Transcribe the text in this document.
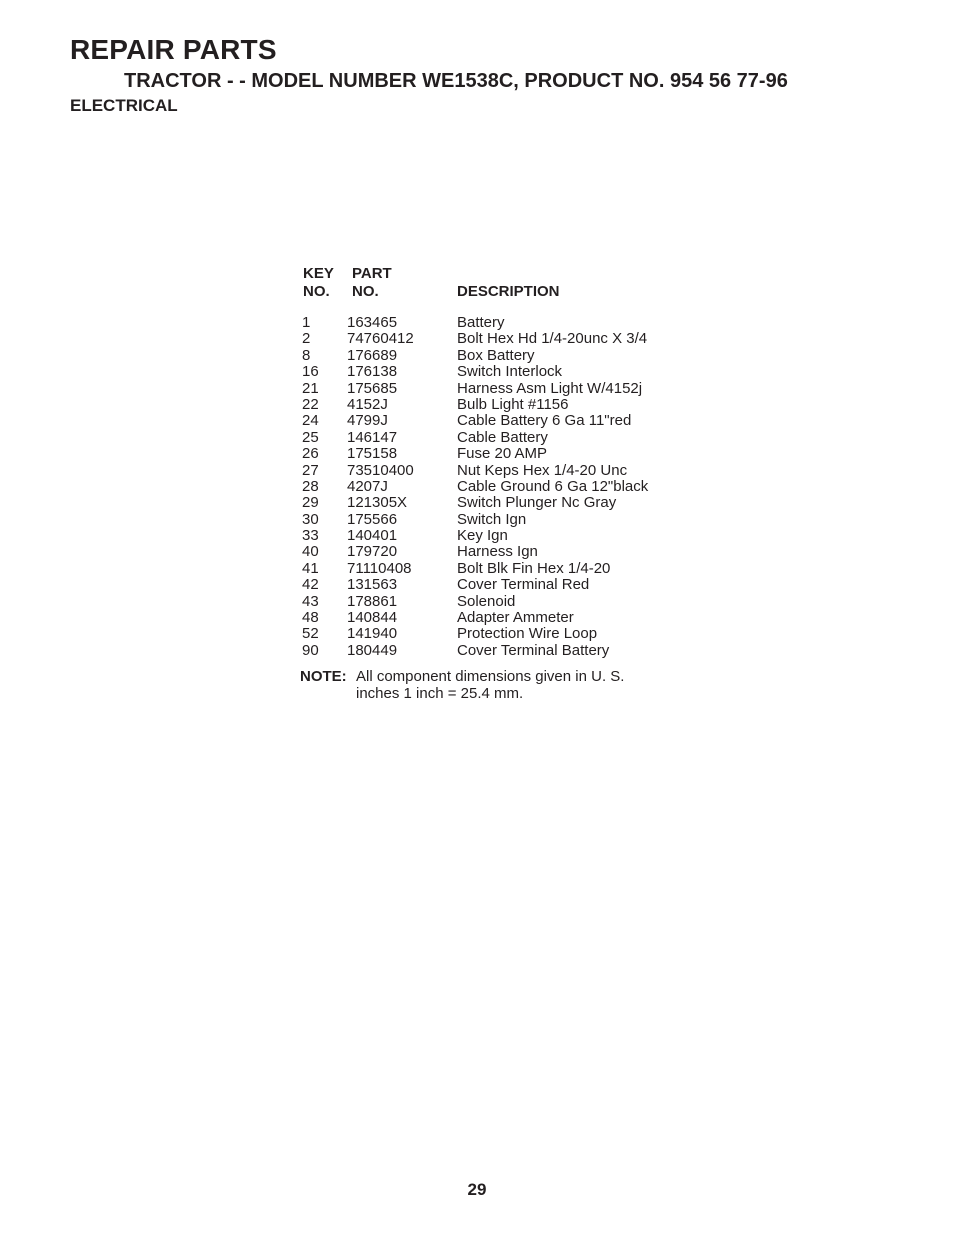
REPAIR PARTS
TRACTOR - - MODEL NUMBER WE1538C, PRODUCT NO. 954 56 77-96
ELECTRICAL
KEY
NO.
PART
NO.	DESCRIPTION
1 163465	Battery
2 74760412	Bolt Hex Hd 1/4-20unc X 3/4
8 176689	Box Battery
16 176138	Switch Interlock
21 175685	Harness Asm Light W/4152j
22 4152J	Bulb Light #1156
24 4799J	Cable Battery 6 Ga 11"red
25 146147	Cable Battery
26 175158	Fuse 20 AMP
27 73510400	Nut Keps Hex 1/4-20 Unc
28 4207J	Cable Ground 6 Ga 12"black
29 121305X	Switch Plunger Nc Gray
30 175566	Switch Ign
33 140401	Key Ign
40 179720	Harness Ign
41 71110408	Bolt Blk Fin Hex 1/4-20
42 131563	Cover Terminal Red
43 178861	Solenoid
48 140844	Adapter Ammeter
52 141940	Protection Wire Loop
90 180449	Cover Terminal Battery
NOTE: All component dimensions given in U. S.
inches 1 inch = 25.4 mm.
29
